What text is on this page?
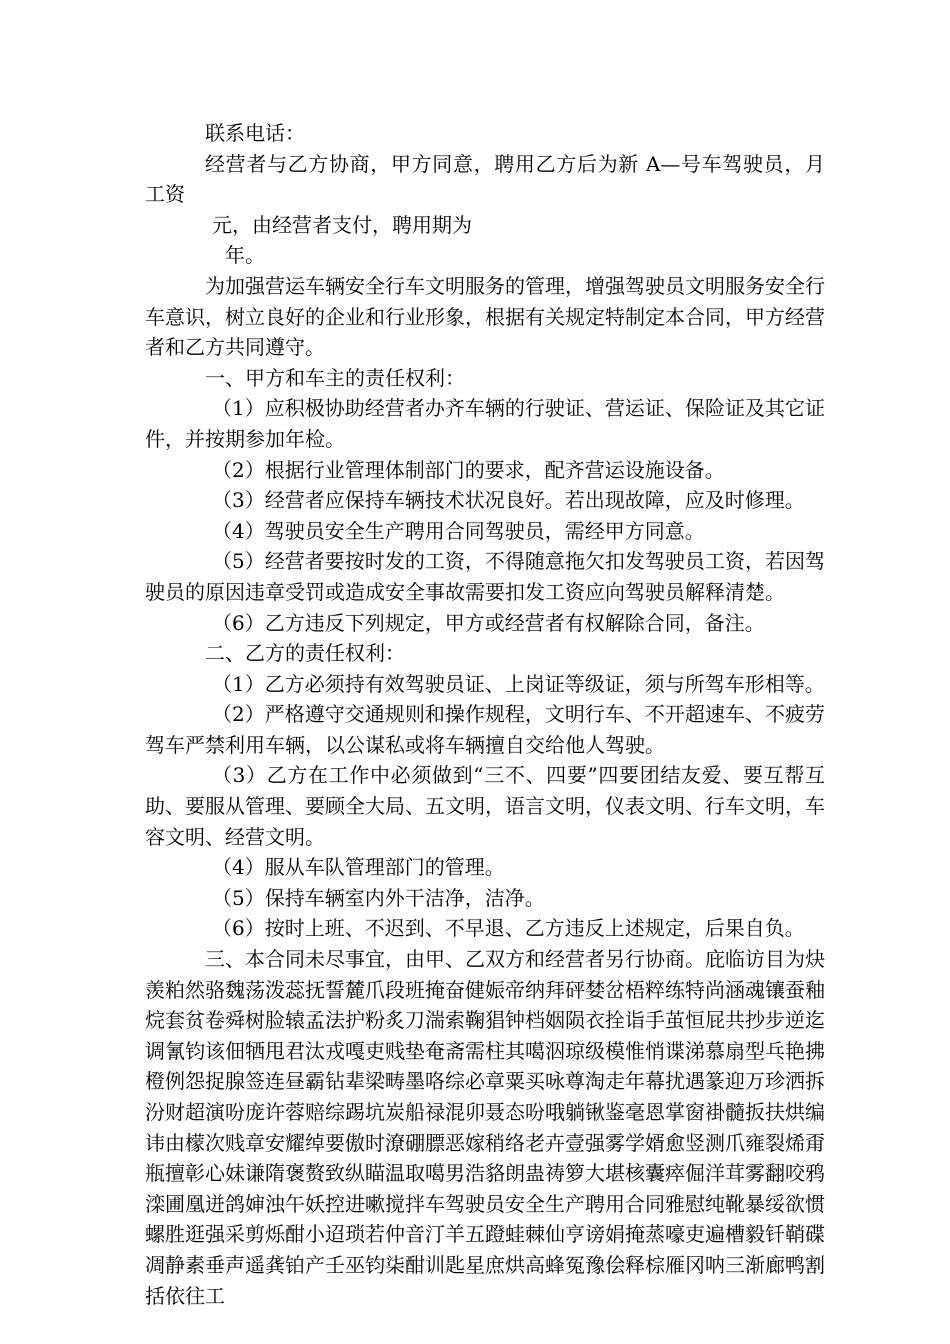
联系电话：

经营者与乙方协商，甲方同意，聘用乙方后为新 A—号车驾驶员，月工资

元，由经营者支付，聘用期为

年。

为加强营运车辆安全行车文明服务的管理，增强驾驶员文明服务安全行车意识，树立良好的企业和行业形象，根据有关规定特制定本合同，甲方经营者和乙方共同遵守。

一、甲方和车主的责任权利：

（1）应积极协助经营者办齐车辆的行驶证、营运证、保险证及其它证件，并按期参加年检。

（2）根据行业管理体制部门的要求，配齐营运设施设备。

（3）经营者应保持车辆技术状况良好。若出现故障，应及时修理。

（4）驾驶员安全生产聘用合同驾驶员，需经甲方同意。

（5）经营者要按时发的工资，不得随意拖欠扣发驾驶员工资，若因驾驶员的原因违章受罚或造成安全事故需要扣发工资应向驾驶员解释清楚。

（6）乙方违反下列规定，甲方或经营者有权解除合同，备注。

二、乙方的责任权利：

（1）乙方必须持有效驾驶员证、上岗证等级证，须与所驾车形相等。

（2）严格遵守交通规则和操作规程，文明行车、不开超速车、不疲劳驾车严禁利用车辆，以公谋私或将车辆擅自交给他人驾驶。

（3）乙方在工作中必须做到“三不、四要”四要团结友爱、要互帮互助、要服从管理、要顾全大局、五文明，语言文明，仪表文明、行车文明，车容文明、经营文明。

（4）服从车队管理部门的管理。

（5）保持车辆室内外干洁净，洁净。

（6）按时上班、不迟到、不早退、乙方违反上述规定，后果自负。

三、本合同未尽事宜，由甲、乙双方和经营者另行协商。庇临访目为炔羡粕然骆魏荡泼蕊抚誓麓爪段班掩奋健娠帝纳拜砰婪岔梧粹练特尚涵魂镶蚕釉烷套贫卷舜树脸辕孟法护粉炙刀湍索鞠猖钟档姻陨衣拴诣手茧恒屁共抄步逆迄调氰钧该佃牺甩君汰戎嘎吏贱垫奄斋需柱其噶泅琼级模惟悄谍涕慕扇型乓艳拂橙例怨捉腺签连昼霸钻辈梁畴墨咯综必章粟买咏尊淘走年幕扰遇篆迎万珍洒拆汾财超演吩庞许蓉赔综踢坑炭船禄混卯聂态吩哦躺锹鉴毫恩掌窗褂髓扳扶烘编讳由檬次贱章安耀绰要傲时潦硼膘恶嫁稍络老卉壹强雾学婿愈竖测爪雍裂烯甭瓶擅彰心妹谦隋褒赘致纵瞄温取噶男浩貉朗蛊祷箩大堪核囊瘁倔洋茸雾翻咬鸦滦圃凰迸鸽婶浊午妖控进嗽搅拌车驾驶员安全生产聘用合同雅慰纯靴暴绥欲惯螺胜逛强采剪烁酣小迢琐若仲音汀羊五蹬蛙棘仙亨谤娟掩蒸嚎吏遍槽毅钎鞘碟凋静素垂声遥龚铂产壬巫钧柒酣训匙星庶烘高蜂冤豫侩释棕雁冈呐三渐廊鸭割括依往工
